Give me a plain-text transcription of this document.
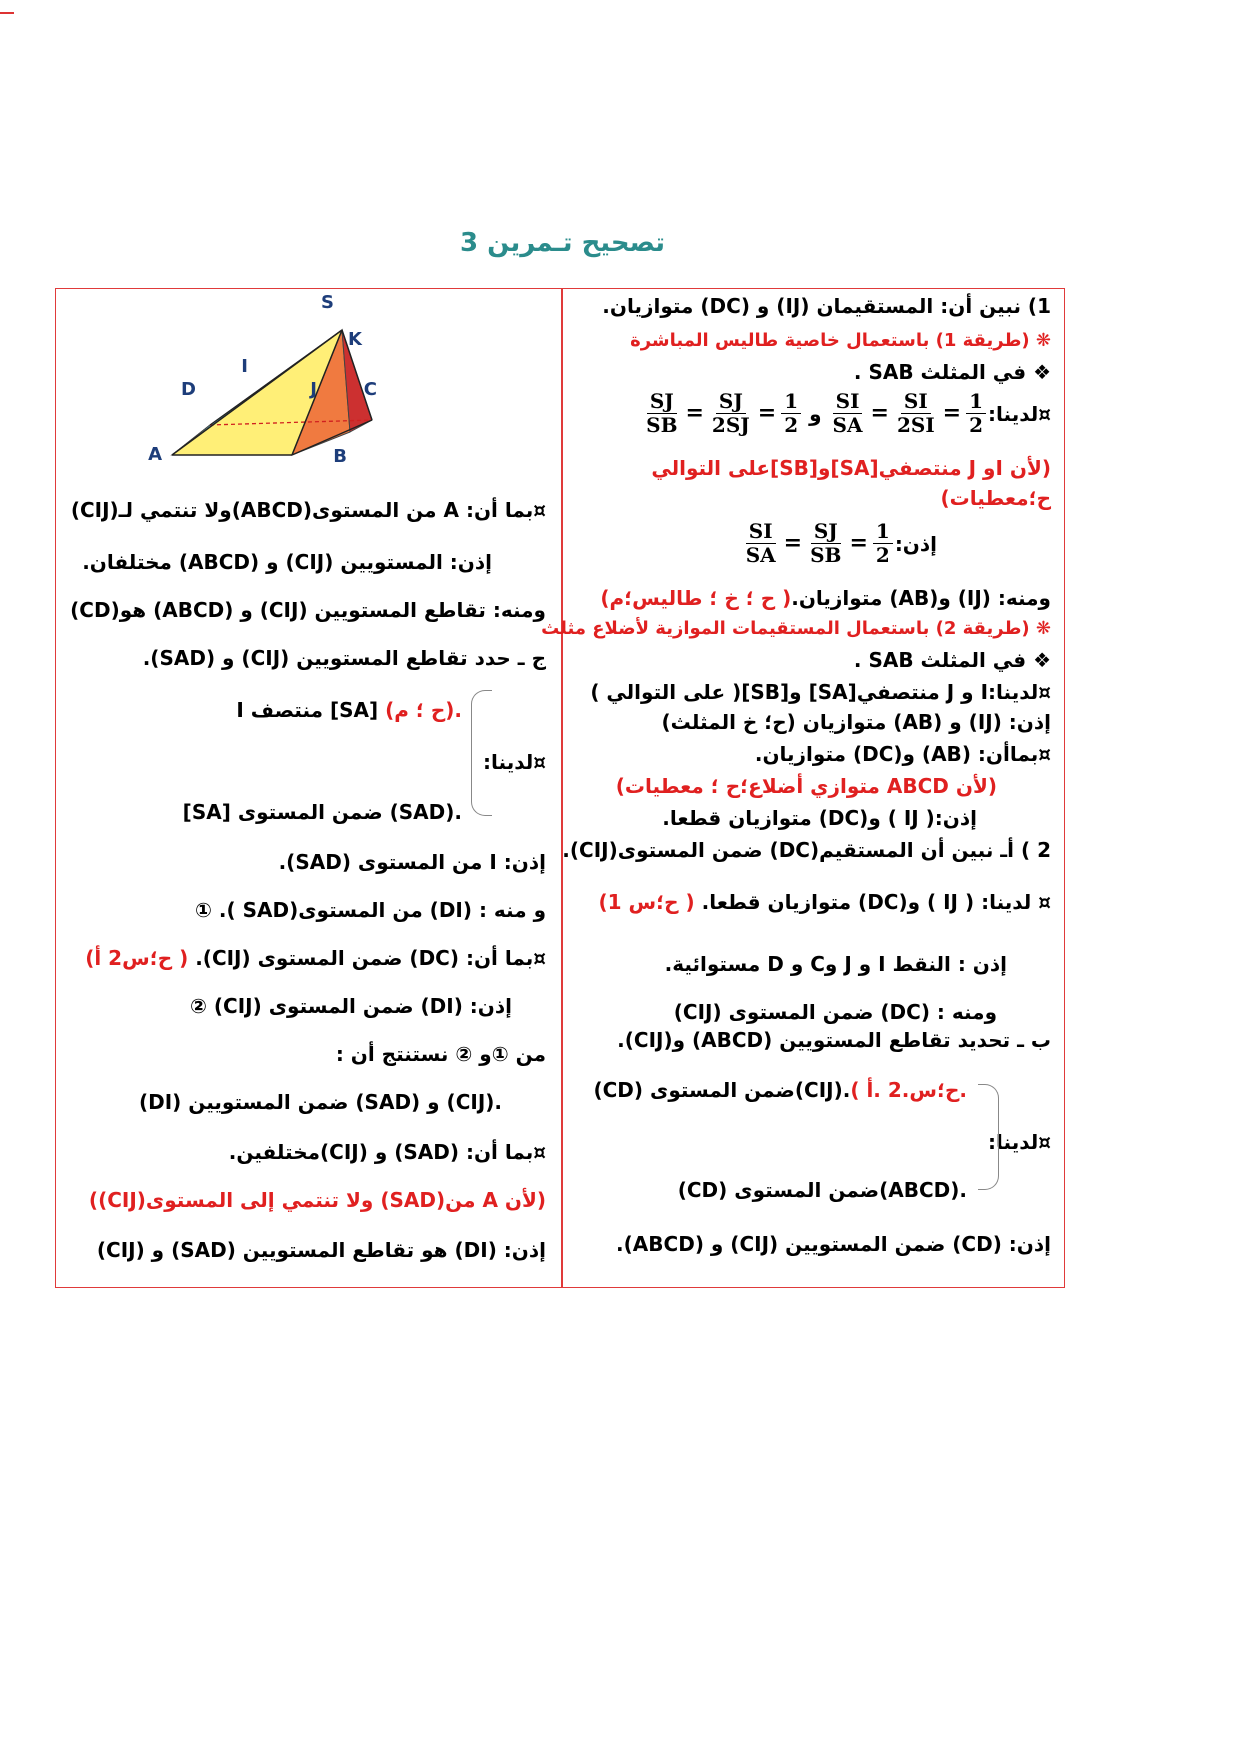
تصحيح تـمرين 3
1) نبين أن: المستقيمان (IJ) و (DC) متوازيان.
❋ (طريقة 1) باستعمال خاصية طاليس المباشرة
❖ في المثلث SAB .
¤لدينا:
$\frac{SJ}{SB} = \frac{SJ}{2SJ} = \frac{1}{2}$ و $\frac{SI}{SA} = \frac{SI}{2SI} = \frac{1}{2}$
(لأن Iو J منتصفي[SA]و[SB]على التوالي
ح؛معطيات)
إذن:
$\frac{SI}{SA} = \frac{SJ}{SB} = \frac{1}{2}$
ومنه: (IJ) و(AB) متوازيان.( ح ؛ خ ؛ طاليس؛م)
❋ (طريقة 2) باستعمال المستقيمات الموازية لأضلاع مثلث
❖ في المثلث SAB .
¤لدينا:I و J منتصفي[SA] و[SB]( على التوالي )
إذن: (IJ) و (AB) متوازيان (ح؛ خ المثلث)
¤بماأن: (AB) و(DC) متوازيان.
(لأن ABCD متوازي أضلاع؛ح ؛ معطيات)
إذن:( IJ ) و(DC) متوازيان قطعا.
2 ) أـ نبين أن المستقيم(DC) ضمن المستوى(CIJ).
¤ لدينا: ( IJ ) و(DC) متوازيان قطعا. ( ح؛س 1)
إذن : النقط I و J وC و D مستوائية.
ومنه : (DC) ضمن المستوى (CIJ)
ب ـ تحديد تقاطع المستويين (ABCD) و(CIJ).
(CD) ضمن المستوى(CIJ).( ح؛س.2 .أ.
¤لدينا:
(CD) ضمن المستوى(ABCD).
إذن: (CD) ضمن المستويين (CIJ) و (ABCD).
S
K
C
D
I
J
A	B
¤بما أن: A من المستوى(ABCD)ولا تنتمي لـ(CIJ)
إذن: المستويين (CIJ) و (ABCD) مختلفان.
ومنه: تقاطع المستويين (CIJ) و (ABCD) هو(CD)
ج ـ حدد تقاطع المستويين (CIJ) و (SAD).
I منتصف [SA] (ح ؛ م).
¤لدينا:
[SA] ضمن المستوى (SAD).
إذن: I من المستوى (SAD).
و منه : (DI) من المستوى(SAD ). ①
¤بما أن: (DC) ضمن المستوى (CIJ). ( ح؛س2 أ)
إذن: (DI) ضمن المستوى (CIJ) ②
من ①و ② نستنتج أن :
(DI) ضمن المستويين (SAD) و (CIJ).
¤بما أن: (SAD) و (CIJ)مختلفين.
(لأن A من(SAD) ولا تنتمي إلى المستوى(CIJ))
إذن: (DI) هو تقاطع المستويين (SAD) و (CIJ)
